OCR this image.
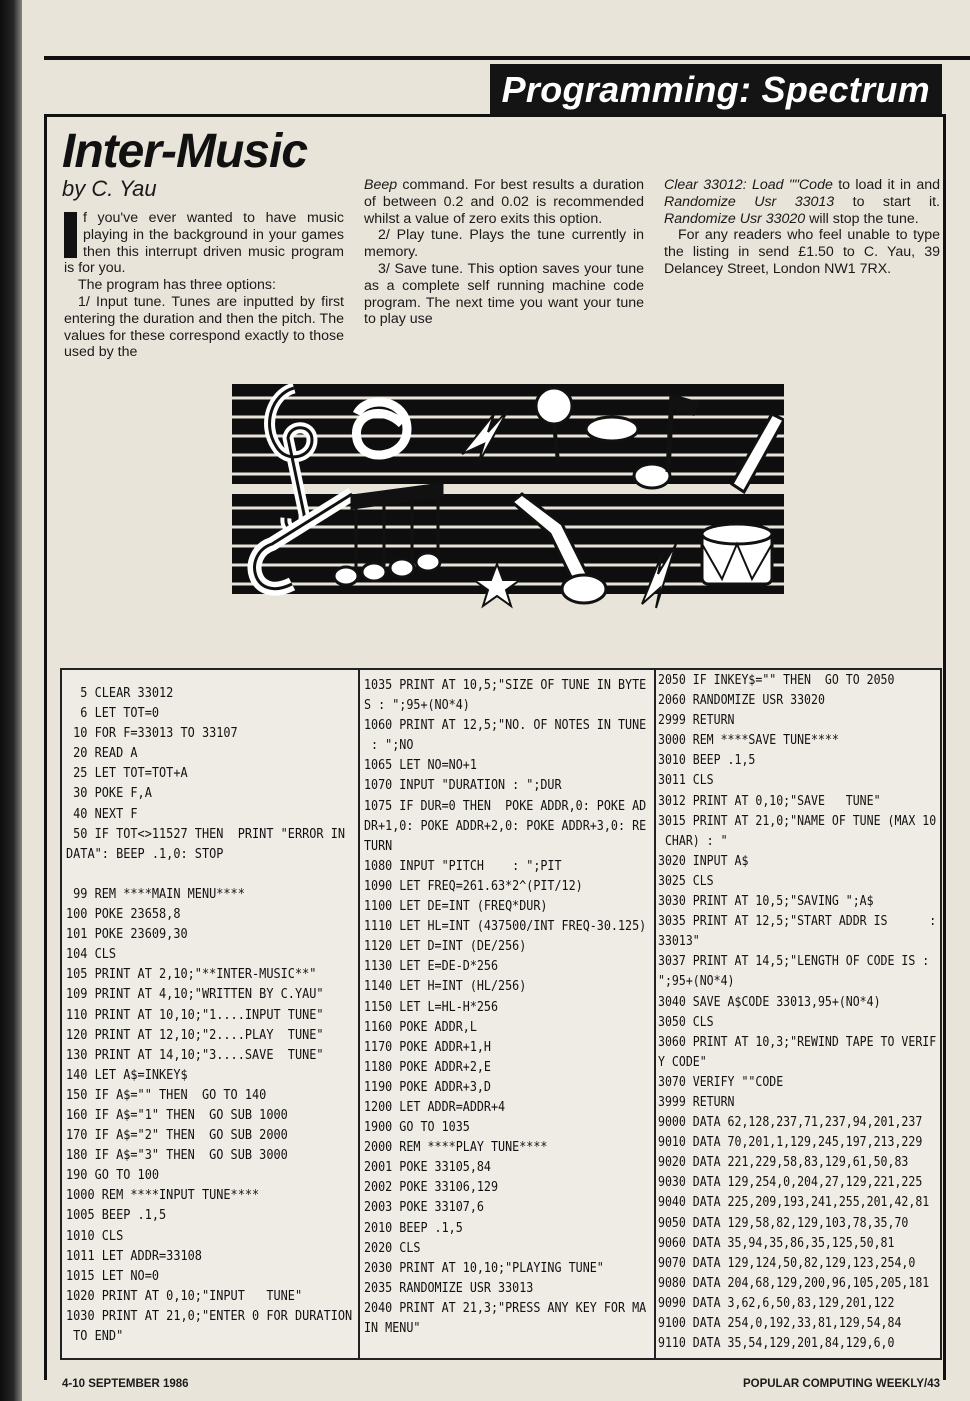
Programming: Spectrum
Inter-Music
by C. Yau

f you've ever wanted to have music playing in the background in your games then this interrupt driven music program is for you.

The program has three options:

1/ Input tune. Tunes are inputted by first entering the duration and then the pitch. The values for these correspond exactly to those used by the

Beep command. For best results a duration of between 0.2 and 0.02 is recommended whilst a value of zero exits this option.

2/ Play tune. Plays the tune currently in memory.

3/ Save tune. This option saves your tune as a complete self running machine code program. The next time you want your tune to play use

Clear 33012: Load ""Code to load it in and Randomize Usr 33013 to start it. Randomize Usr 33020 will stop the tune.

For any readers who feel unable to type the listing in send £1.50 to C. Yau, 39 Delancey Street, London NW1 7RX.

5 CLEAR 33012
6 LET TOT=0
10 FOR F=33013 TO 33107
20 READ A
25 LET TOT=TOT+A
30 POKE F,A
40 NEXT F
50 IF TOT<>11527 THEN  PRINT "ERROR IN
DATA": BEEP .1,0: STOP
99 REM ****MAIN MENU****
100 POKE 23658,8
101 POKE 23609,30
104 CLS
105 PRINT AT 2,10;"**INTER-MUSIC**"
109 PRINT AT 4,10;"WRITTEN BY C.YAU"
110 PRINT AT 10,10;"1....INPUT TUNE"
120 PRINT AT 12,10;"2....PLAY  TUNE"
130 PRINT AT 14,10;"3....SAVE  TUNE"
140 LET A$=INKEY$
150 IF A$="" THEN  GO TO 140
160 IF A$="1" THEN  GO SUB 1000
170 IF A$="2" THEN  GO SUB 2000
180 IF A$="3" THEN  GO SUB 3000
190 GO TO 100
1000 REM ****INPUT TUNE****
1005 BEEP .1,5
1010 CLS
1011 LET ADDR=33108
1015 LET NO=0
1020 PRINT AT 0,10;"INPUT   TUNE"
1030 PRINT AT 21,0;"ENTER 0 FOR DURATION
TO END"
1035 PRINT AT 10,5;"SIZE OF TUNE IN BYTE
S : ";95+(NO*4)
1060 PRINT AT 12,5;"NO. OF NOTES IN TUNE
: ";NO
1065 LET NO=NO+1
1070 INPUT "DURATION : ";DUR
1075 IF DUR=0 THEN  POKE ADDR,0: POKE AD
DR+1,0: POKE ADDR+2,0: POKE ADDR+3,0: RE
TURN
1080 INPUT "PITCH    : ";PIT
1090 LET FREQ=261.63*2^(PIT/12)
1100 LET DE=INT (FREQ*DUR)
1110 LET HL=INT (437500/INT FREQ-30.125)
1120 LET D=INT (DE/256)
1130 LET E=DE-D*256
1140 LET H=INT (HL/256)
1150 LET L=HL-H*256
1160 POKE ADDR,L
1170 POKE ADDR+1,H
1180 POKE ADDR+2,E
1190 POKE ADDR+3,D
1200 LET ADDR=ADDR+4
1900 GO TO 1035
2000 REM ****PLAY TUNE****
2001 POKE 33105,84
2002 POKE 33106,129
2003 POKE 33107,6
2010 BEEP .1,5
2020 CLS
2030 PRINT AT 10,10;"PLAYING TUNE"
2035 RANDOMIZE USR 33013
2040 PRINT AT 21,3;"PRESS ANY KEY FOR MA
IN MENU"
2050 IF INKEY$="" THEN  GO TO 2050
2060 RANDOMIZE USR 33020
2999 RETURN
3000 REM ****SAVE TUNE****
3010 BEEP .1,5
3011 CLS
3012 PRINT AT 0,10;"SAVE   TUNE"
3015 PRINT AT 21,0;"NAME OF TUNE (MAX 10
CHAR) : "
3020 INPUT A$
3025 CLS
3030 PRINT AT 10,5;"SAVING ";A$
3035 PRINT AT 12,5;"START ADDR IS      :
33013"
3037 PRINT AT 14,5;"LENGTH OF CODE IS :
";95+(NO*4)
3040 SAVE A$CODE 33013,95+(NO*4)
3050 CLS
3060 PRINT AT 10,3;"REWIND TAPE TO VERIF
Y CODE"
3070 VERIFY ""CODE
3999 RETURN
9000 DATA 62,128,237,71,237,94,201,237
9010 DATA 70,201,1,129,245,197,213,229
9020 DATA 221,229,58,83,129,61,50,83
9030 DATA 129,254,0,204,27,129,221,225
9040 DATA 225,209,193,241,255,201,42,81
9050 DATA 129,58,82,129,103,78,35,70
9060 DATA 35,94,35,86,35,125,50,81
9070 DATA 129,124,50,82,129,123,254,0
9080 DATA 204,68,129,200,96,105,205,181
9090 DATA 3,62,6,50,83,129,201,122
9100 DATA 254,0,192,33,81,129,54,84
9110 DATA 35,54,129,201,84,129,6,0
4-10 SEPTEMBER 1986	POPULAR COMPUTING WEEKLY/43
